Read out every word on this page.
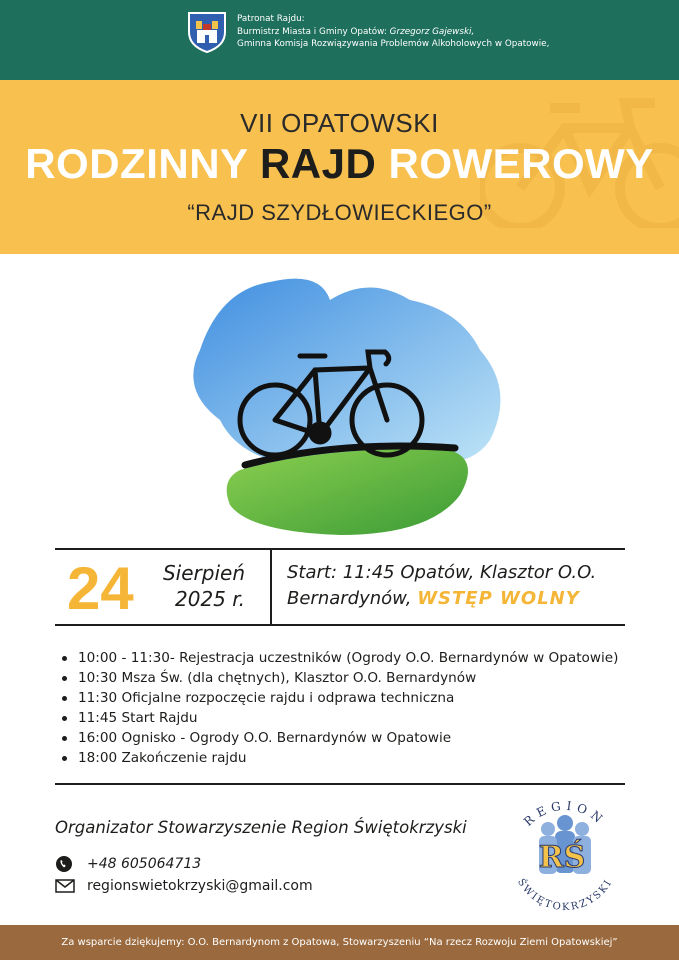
Patronat Rajdu:
Burmistrz Miasta i Gminy Opatów: Grzegorz Gajewski,
Gminna Komisja Rozwiązywania Problemów Alkoholowych w Opatowie,
VII OPATOWSKI
RODZINNY RAJD ROWEROWY
“RAJD SZYDŁOWIECKIEGO”
24 Sierpień
2025 r.
Start: 11:45 Opatów, Klasztor O.O. Bernardynów, WSTĘP WOLNY
10:00 - 11:30- Rejestracja uczestników (Ogrody O.O. Bernardynów w Opatowie)
10:30 Msza Św. (dla chętnych), Klasztor O.O. Bernardynów
11:30 Oficjalne rozpoczęcie rajdu i odprawa techniczna
11:45 Start Rajdu
16:00 Ognisko - Ogrody O.O. Bernardynów w Opatowie
18:00 Zakończenie rajdu
Organizator Stowarzyszenie Region Świętokrzyski
+48 605064713
regionswietokrzyski@gmail.com
REGION
ŚWIĘTOKRZYSKI
RŚ
Za wsparcie dziękujemy: O.O. Bernardynom z Opatowa, Stowarzyszeniu “Na rzecz Rozwoju Ziemi Opatowskiej”
